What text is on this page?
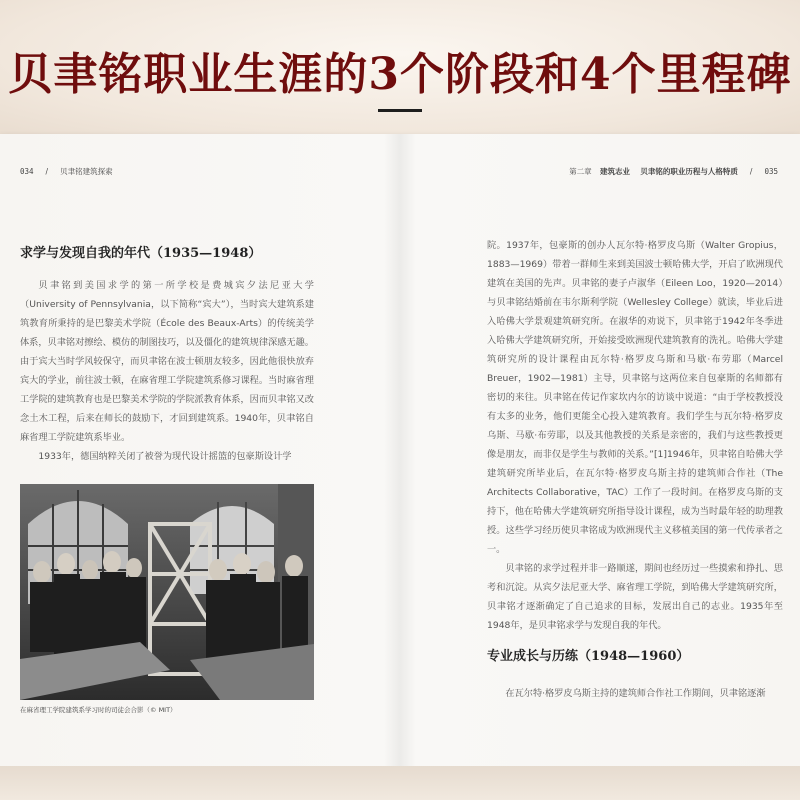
贝聿铭职业生涯的3个阶段和4个里程碑
034 / 贝聿铭建筑探索	第二章 建筑志业 贝聿铭的职业历程与人格特质 / 035
求学与发现自我的年代（1935—1948）

贝聿铭到美国求学的第一所学校是费城宾夕法尼亚大学（University of Pennsylvania，以下简称“宾大”），当时宾大建筑系建筑教育所秉持的是巴黎美术学院（École des Beaux-Arts）的传统美学体系，贝聿铭对擦绘、模仿的制图技巧，以及僵化的建筑规律深感无趣。由于宾大当时学风较保守，而贝聿铭在波士顿朋友较多，因此他很快放弃宾大的学业，前往波士顿，在麻省理工学院建筑系修习课程。当时麻省理工学院的建筑教育也是巴黎美术学院的学院派教育体系，因而贝聿铭又改念土木工程，后来在师长的鼓励下，才回到建筑系。1940年，贝聿铭自麻省理工学院建筑系毕业。

1933年，德国纳粹关闭了被誉为现代设计摇篮的包豪斯设计学

在麻省理工学院建筑系学习时的司徒会合影（© MIT）

院。1937年，包豪斯的创办人瓦尔特·格罗皮乌斯（Walter Gropius，1883—1969）带着一群师生来到美国波士顿哈佛大学，开启了欧洲现代建筑在美国的先声。贝聿铭的妻子卢淑华（Eileen Loo，1920—2014）与贝聿铭结婚前在韦尔斯利学院（Wellesley College）就读，毕业后进入哈佛大学景观建筑研究所。在淑华的劝说下，贝聿铭于1942年冬季进入哈佛大学建筑研究所，开始接受欧洲现代建筑教育的洗礼。哈佛大学建筑研究所的设计课程由瓦尔特·格罗皮乌斯和马歇·布劳耶（Marcel Breuer，1902—1981）主导，贝聿铭与这两位来自包豪斯的名师都有密切的来往。贝聿铭在传记作家坎内尔的访谈中说道：“由于学校教授没有太多的业务，他们更能全心投入建筑教育。我们学生与瓦尔特·格罗皮乌斯、马歇·布劳耶，以及其他教授的关系是亲密的，我们与这些教授更像是朋友，而非仅是学生与教师的关系。”[1]1946年，贝聿铭自哈佛大学建筑研究所毕业后，在瓦尔特·格罗皮乌斯主持的建筑师合作社（The Architects Collaborative，TAC）工作了一段时间。在格罗皮乌斯的支持下，他在哈佛大学建筑研究所指导设计课程，成为当时最年轻的助理教授。这些学习经历使贝聿铭成为欧洲现代主义移植美国的第一代传承者之一。

贝聿铭的求学过程并非一路顺遂，期间也经历过一些摸索和挣扎、思考和沉淀。从宾夕法尼亚大学、麻省理工学院，到哈佛大学建筑研究所，贝聿铭才逐渐确定了自己追求的目标，发展出自己的志业。1935年至1948年，是贝聿铭求学与发现自我的年代。

专业成长与历练（1948—1960）

在瓦尔特·格罗皮乌斯主持的建筑师合作社工作期间，贝聿铭逐渐
